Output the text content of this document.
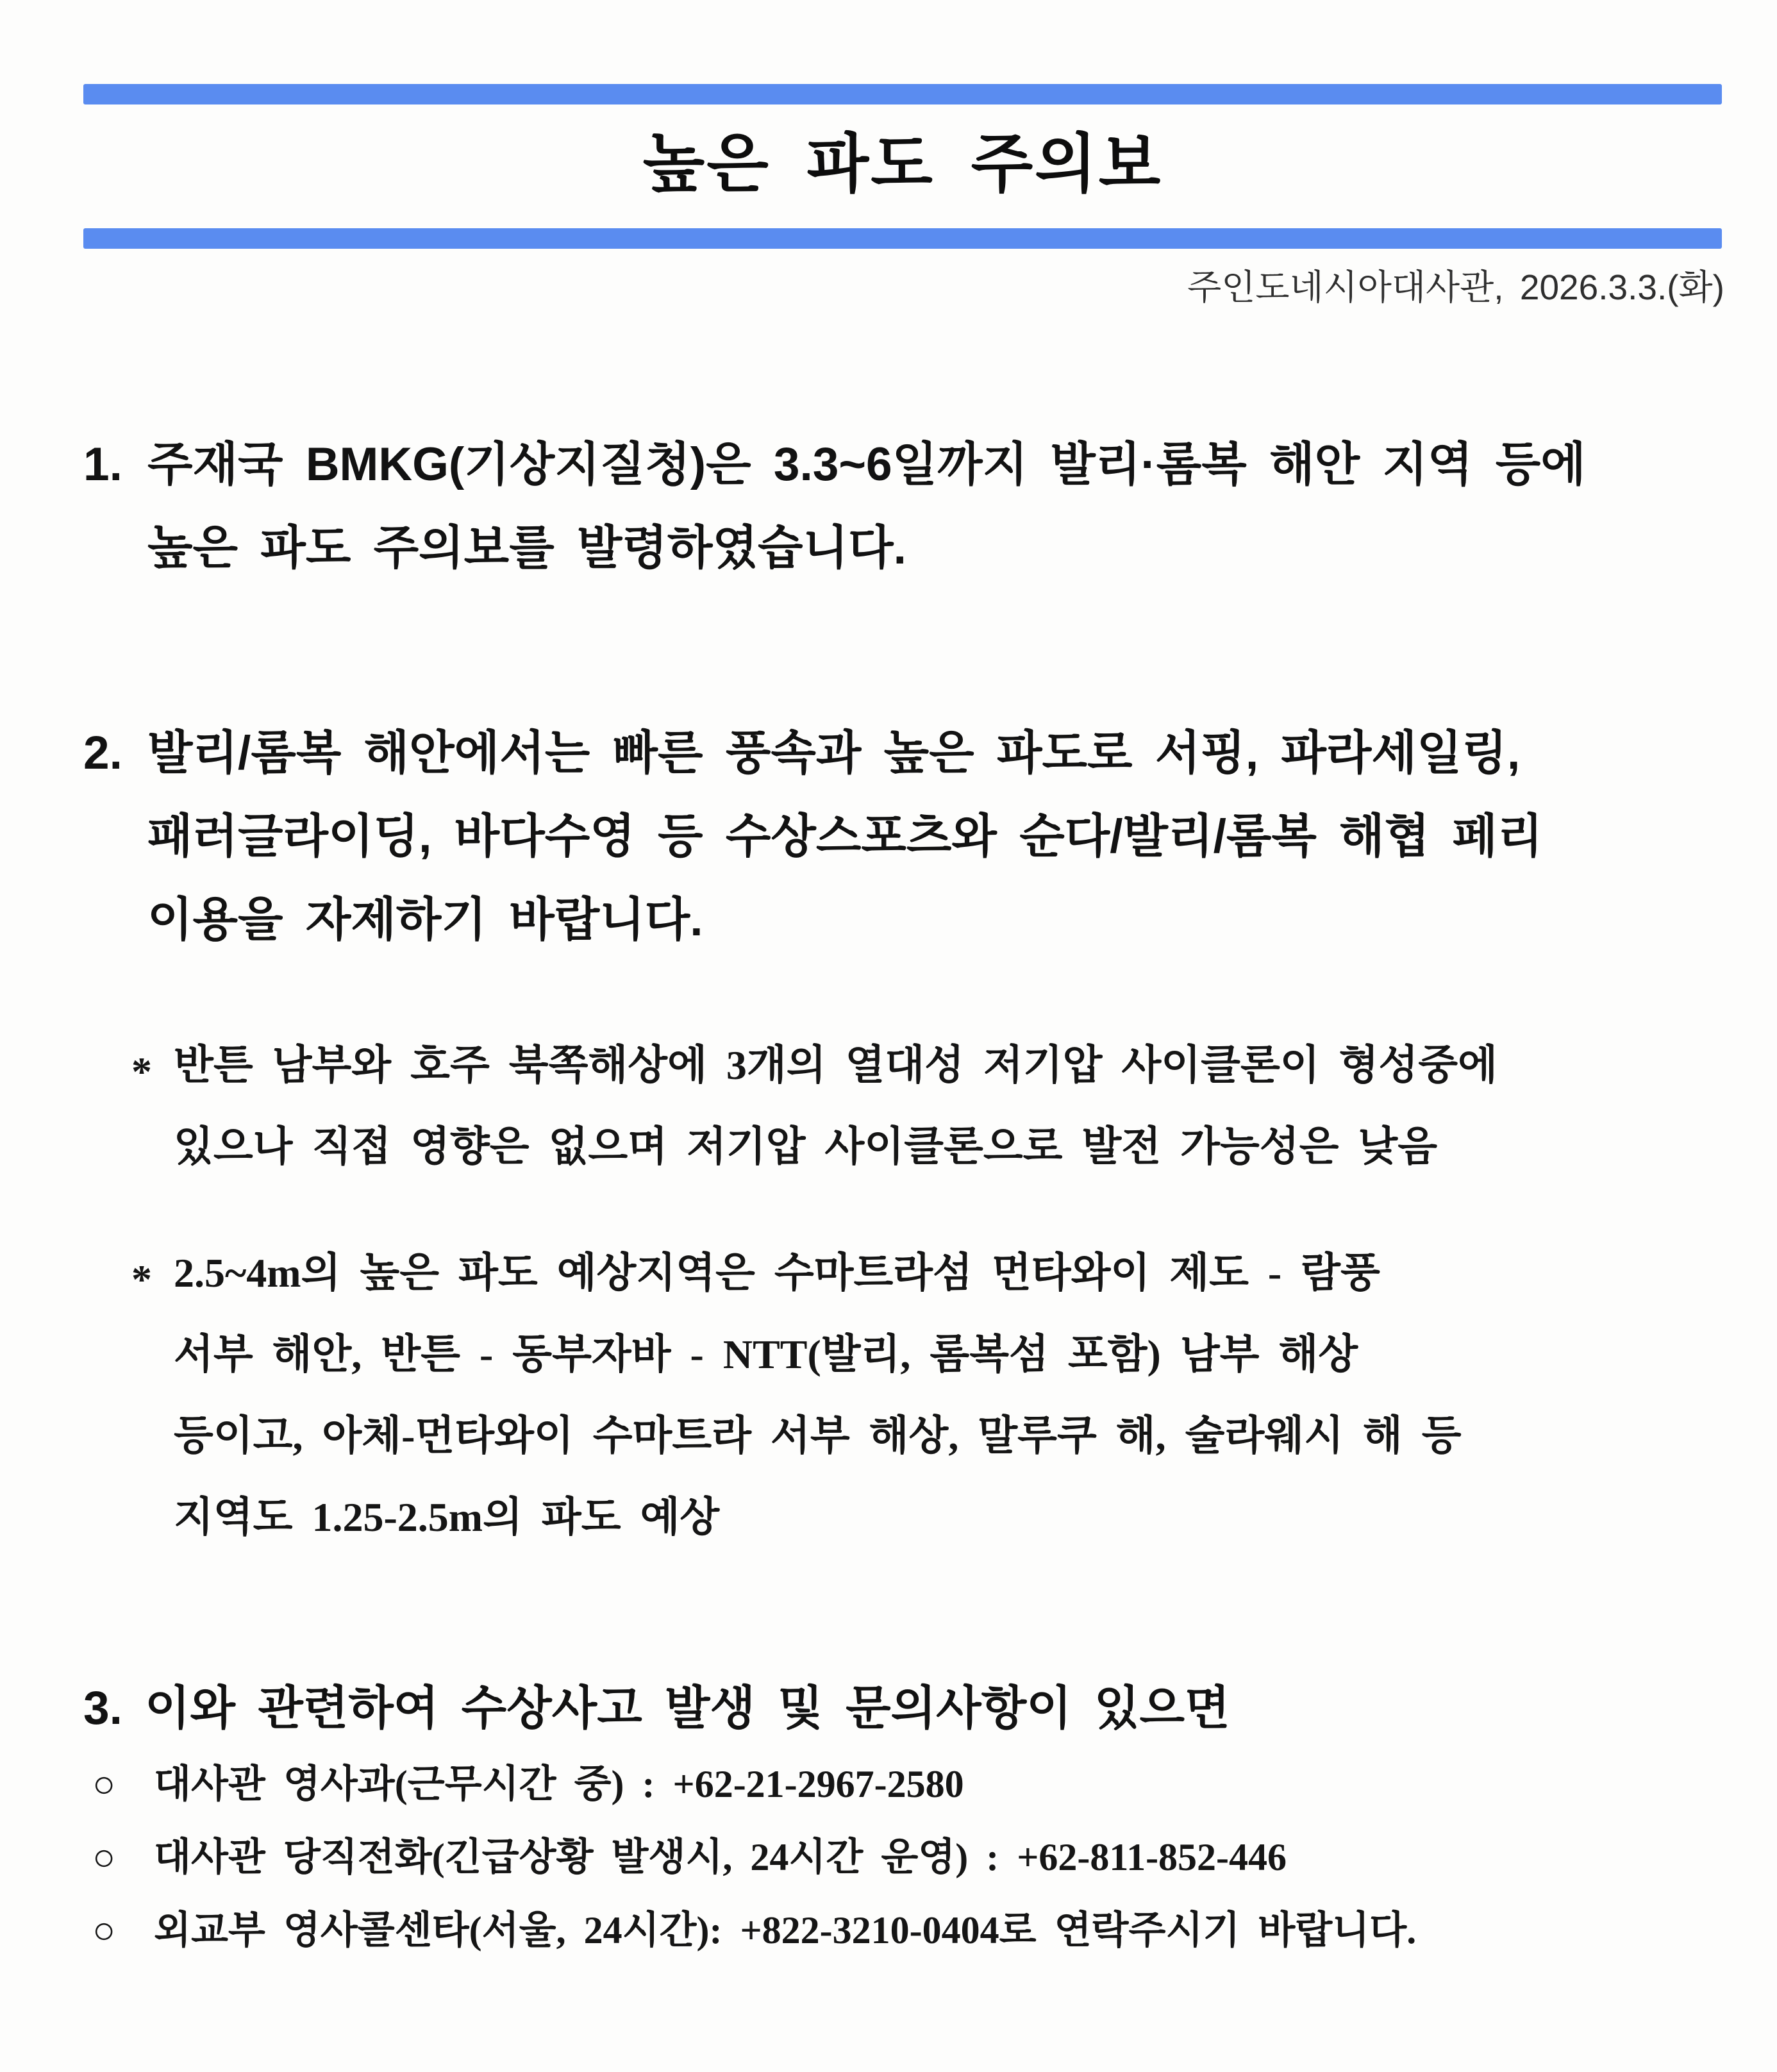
높은 파도 주의보
주인도네시아대사관, 2026.3.3.(화)
1. 주재국 BMKG(기상지질청)은 3.3~6일까지 발리·롬복 해안 지역 등에
높은 파도 주의보를 발령하였습니다.
2. 발리/롬복 해안에서는 빠른 풍속과 높은 파도로 서핑, 파라세일링,
패러글라이딩, 바다수영 등 수상스포츠와 순다/발리/롬복 해협 페리
이용을 자제하기 바랍니다.
* 반튼 남부와 호주 북쪽해상에 3개의 열대성 저기압 사이클론이 형성중에
있으나 직접 영향은 없으며 저기압 사이클론으로 발전 가능성은 낮음
* 2.5~4m의 높은 파도 예상지역은 수마트라섬 먼타와이 제도 - 람풍
서부 해안, 반튼 - 동부자바 - NTT(발리, 롬복섬 포함) 남부 해상
등이고, 아체-먼타와이 수마트라 서부 해상, 말루쿠 해, 술라웨시 해 등
지역도 1.25-2.5m의 파도 예상
3. 이와 관련하여 수상사고 발생 및 문의사항이 있으면
○ 대사관 영사과(근무시간 중) : +62-21-2967-2580
○ 대사관 당직전화(긴급상황 발생시, 24시간 운영) : +62-811-852-446
○ 외교부 영사콜센타(서울, 24시간): +822-3210-0404로 연락주시기 바랍니다.
